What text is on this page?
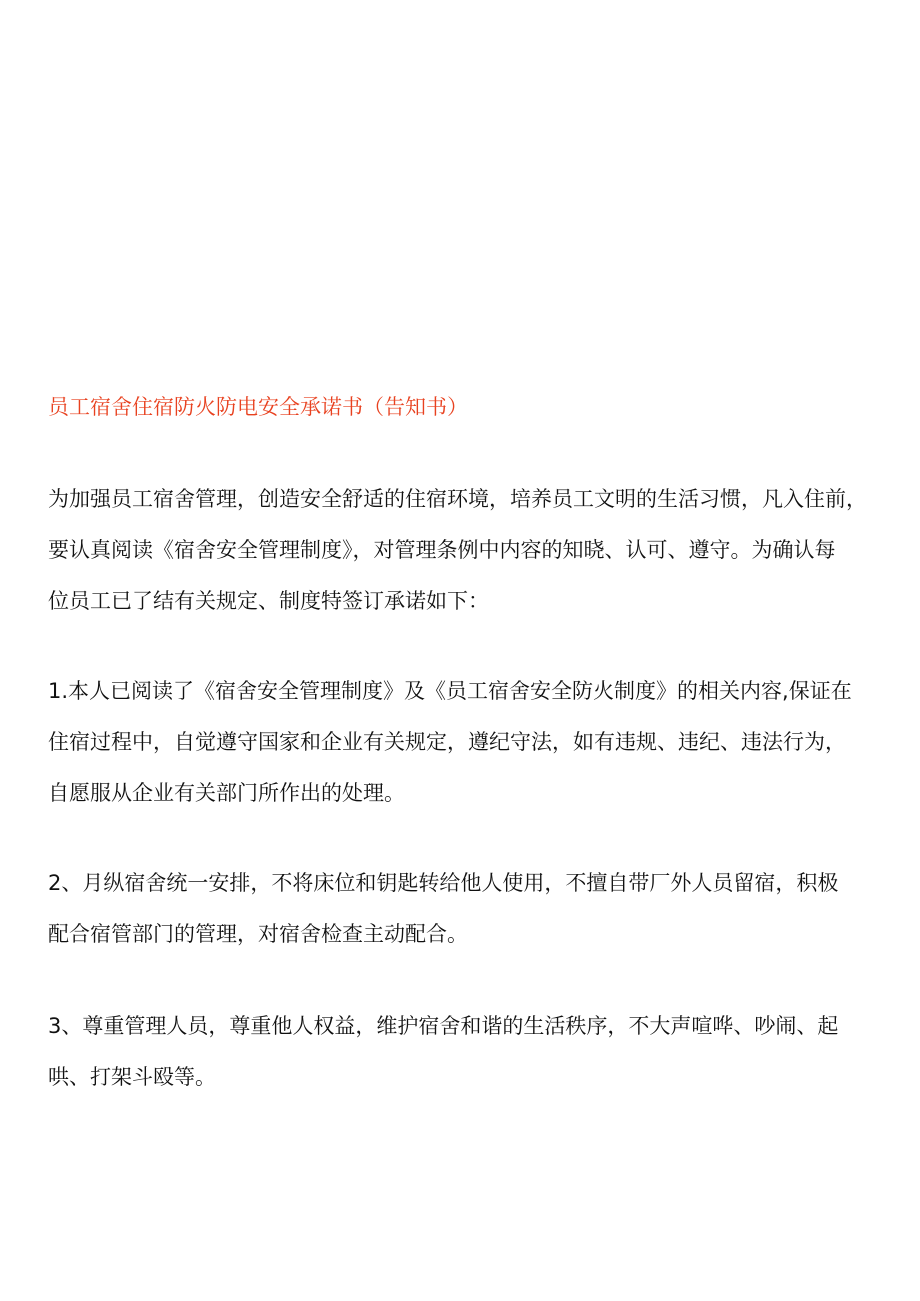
员工宿舍住宿防火防电安全承诺书（告知书）

为加强员工宿舍管理，创造安全舒适的住宿环境，培养员工文明的生活习惯，凡入住前，
要认真阅读《宿舍安全管理制度》，对管理条例中内容的知晓、认可、遵守。为确认每
位员工已了结有关规定、制度特签订承诺如下：

1.本人已阅读了《宿舍安全管理制度》及《员工宿舍安全防火制度》的相关内容,保证在
住宿过程中，自觉遵守国家和企业有关规定，遵纪守法，如有违规、违纪、违法行为，
自愿服从企业有关部门所作出的处理。

2、月纵宿舍统一安排，不将床位和钥匙转给他人使用，不擅自带厂外人员留宿，积极
配合宿管部门的管理，对宿舍检查主动配合。

3、尊重管理人员，尊重他人权益，维护宿舍和谐的生活秩序，不大声喧哗、吵闹、起
哄、打架斗殴等。
